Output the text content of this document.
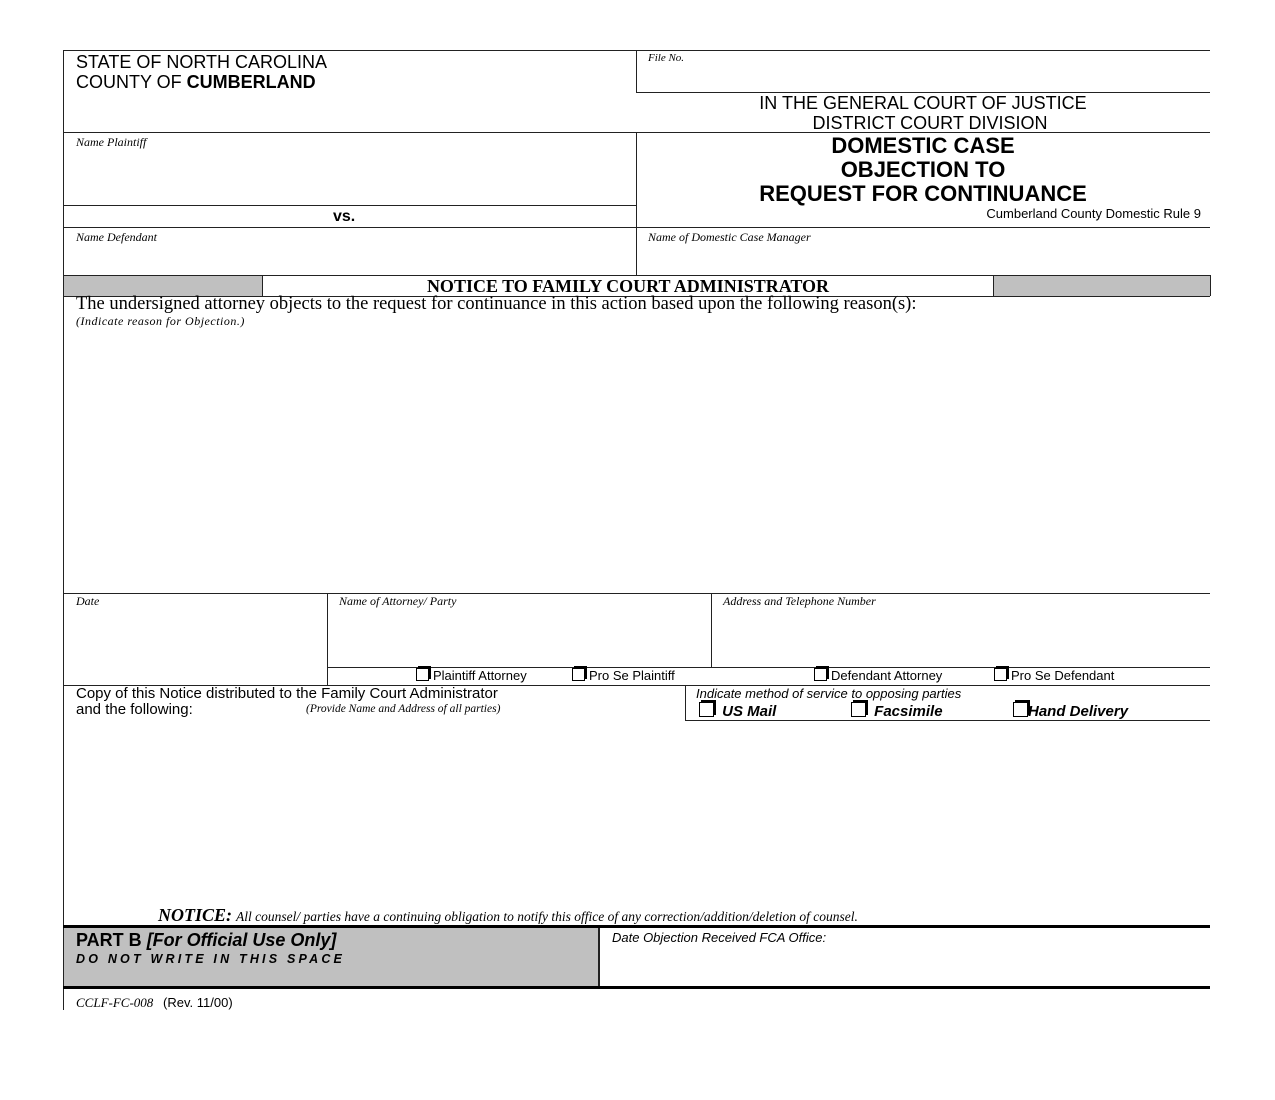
STATE OF NORTH CAROLINA
COUNTY OF CUMBERLAND
File No.
IN THE GENERAL COURT OF JUSTICE
DISTRICT COURT DIVISION
DOMESTIC CASE
OBJECTION TO
REQUEST FOR CONTINUANCE
Cumberland County Domestic Rule 9
Name Plaintiff
vs.
Name Defendant	Name of Domestic Case Manager
NOTICE TO FAMILY COURT ADMINISTRATOR
The undersigned attorney objects to the request for continuance in this action based upon the following reason(s):
(Indicate reason for Objection.)
Date	Name of Attorney/ Party	Address and Telephone Number
Plaintiff Attorney	Pro Se Plaintiff	Defendant Attorney	Pro Se Defendant
Copy of this Notice distributed to the Family Court Administrator
and the following:	(Provide Name and Address of all parties)
Indicate method of service to opposing parties
US Mail	Facsimile	Hand Delivery
NOTICE: All counsel/ parties have a continuing obligation to notify this office of any correction/addition/deletion of counsel.
PART B [For Official Use Only]
DO NOT WRITE IN THIS SPACE
Date Objection Received FCA Office:
CCLF-FC-008 (Rev. 11/00)
